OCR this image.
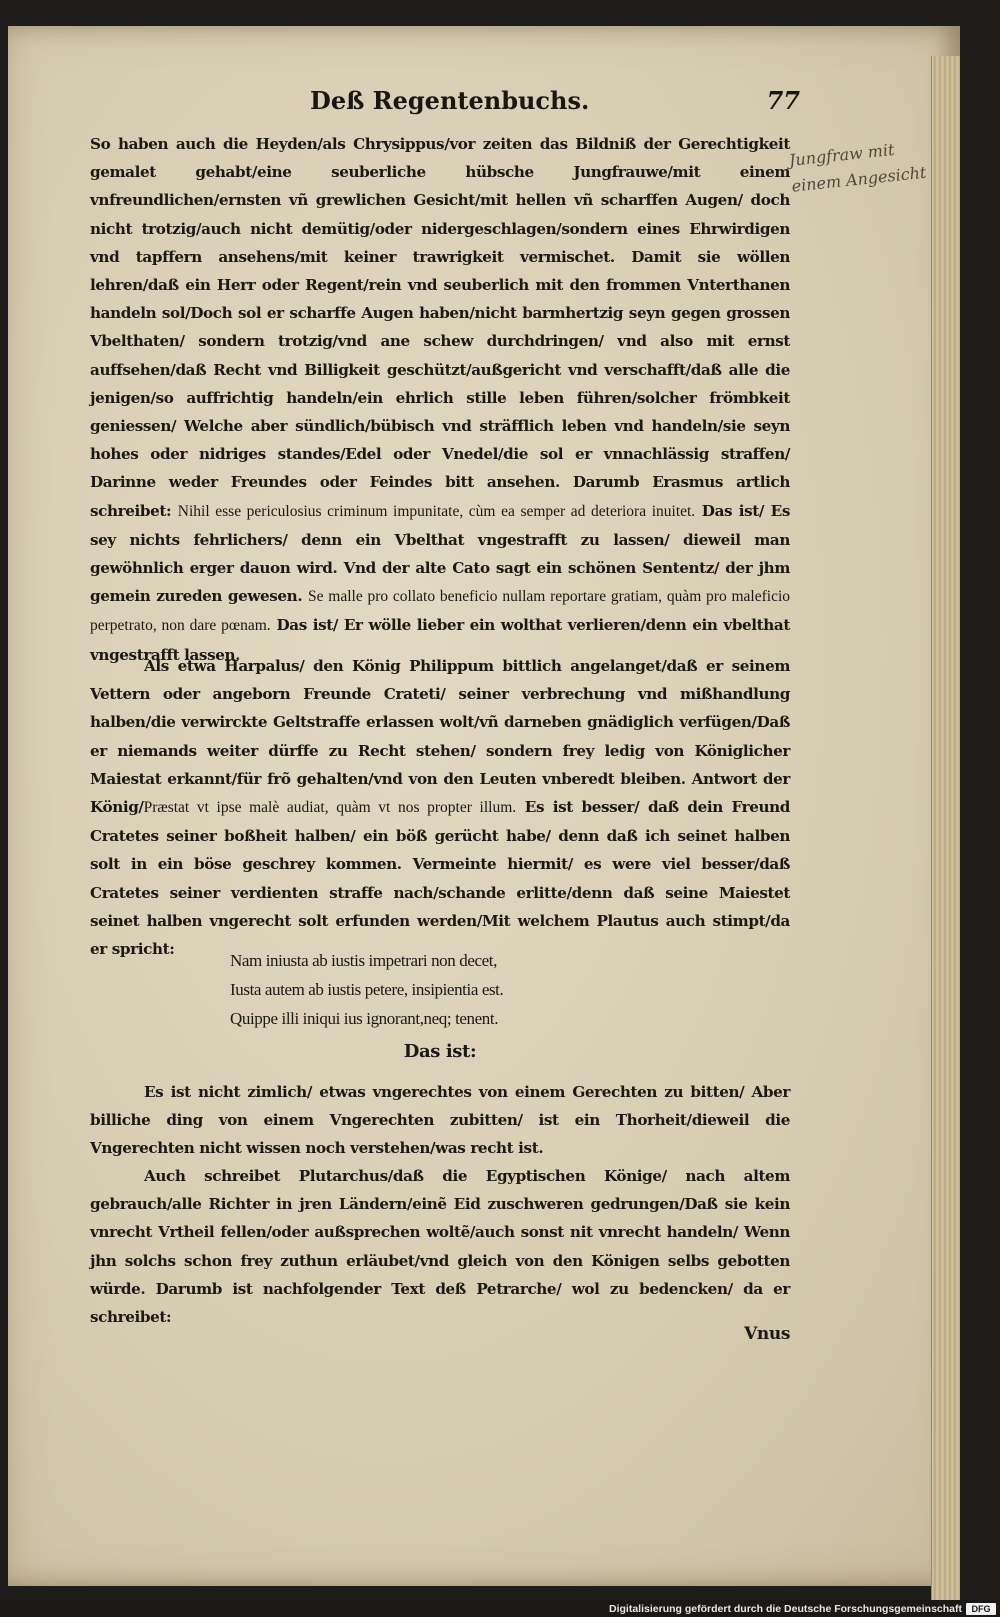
Deß Regentenbuchs.	77
Jungfraw mit einem Angesicht
So haben auch die Heyden/als Chrysippus/vor zeiten das Bildniß der Gerechtigkeit gemalet gehabt/eine seuberliche hübsche Jungfrauwe/mit einem vnfreundlichen/ernsten vñ grewlichen Gesicht/mit hellen vñ scharffen Augen/ doch nicht trotzig/auch nicht demütig/oder nidergeschlagen/sondern eines Ehrwirdigen vnd tapffern ansehens/mit keiner trawrigkeit vermischet. Damit sie wöllen lehren/daß ein Herr oder Regent/rein vnd seuberlich mit den frommen Vnterthanen handeln sol/Doch sol er scharffe Augen haben/nicht barmhertzig seyn gegen grossen Vbelthaten/ sondern trotzig/vnd ane schew durchdringen/ vnd also mit ernst auffsehen/daß Recht vnd Billigkeit geschützt/außgericht vnd verschafft/daß alle die jenigen/so auffrichtig handeln/ein ehrlich stille leben führen/solcher frömbkeit geniessen/ Welche aber sündlich/bübisch vnd sträfflich leben vnd handeln/sie seyn hohes oder nidriges standes/Edel oder Vnedel/die sol er vnnachlässig straffen/ Darinne weder Freundes oder Feindes bitt ansehen. Darumb Erasmus artlich schreibet: Nihil esse periculosius criminum impunitate, cùm ea semper ad deteriora inuitet. Das ist/ Es sey nichts fehrlichers/ denn ein Vbelthat vngestrafft zu lassen/ dieweil man gewöhnlich erger dauon wird. Vnd der alte Cato sagt ein schönen Sententz/ der jhm gemein zureden gewesen. Se malle pro collato beneficio nullam reportare gratiam, quàm pro maleficio perpetrato, non dare pœnam. Das ist/ Er wölle lieber ein wolthat verlieren/denn ein vbelthat vngestrafft lassen.
Als etwa Harpalus/ den König Philippum bittlich angelanget/daß er seinem Vettern oder angeborn Freunde Crateti/ seiner verbrechung vnd mißhandlung halben/die verwirckte Geltstraffe erlassen wolt/vñ darneben gnädiglich verfügen/Daß er niemands weiter dürffe zu Recht stehen/ sondern frey ledig von Königlicher Maiestat erkannt/für frõ gehalten/vnd von den Leuten vnberedt bleiben. Antwort der König/Præstat vt ipse malè audiat, quàm vt nos propter illum. Es ist besser/ daß dein Freund Cratetes seiner boßheit halben/ ein böß gerücht habe/ denn daß ich seinet halben solt in ein böse geschrey kommen. Vermeinte hiermit/ es were viel besser/daß Cratetes seiner verdienten straffe nach/schande erlitte/denn daß seine Maiestet seinet halben vngerecht solt erfunden werden/Mit welchem Plautus auch stimpt/da er spricht:
Nam iniusta ab iustis impetrari non decet,
Iusta autem ab iustis petere, insipientia est.
Quippe illi iniqui ius ignorant,neq; tenent.
Das ist:
Es ist nicht zimlich/ etwas vngerechtes von einem Gerechten zu bitten/ Aber billiche ding von einem Vngerechten zubitten/ ist ein Thorheit/dieweil die Vngerechten nicht wissen noch verstehen/was recht ist.
Auch schreibet Plutarchus/daß die Egyptischen Könige/ nach altem gebrauch/alle Richter in jren Ländern/einẽ Eid zuschweren gedrungen/Daß sie kein vnrecht Vrtheil fellen/oder außsprechen woltẽ/auch sonst nit vnrecht handeln/ Wenn jhn solchs schon frey zuthun erläubet/vnd gleich von den Königen selbs gebotten würde. Darumb ist nachfolgender Text deß Petrarche/ wol zu bedencken/ da er schreibet:
Vnus
Digitalisierung gefördert durch die Deutsche Forschungsgemeinschaft	DFG
